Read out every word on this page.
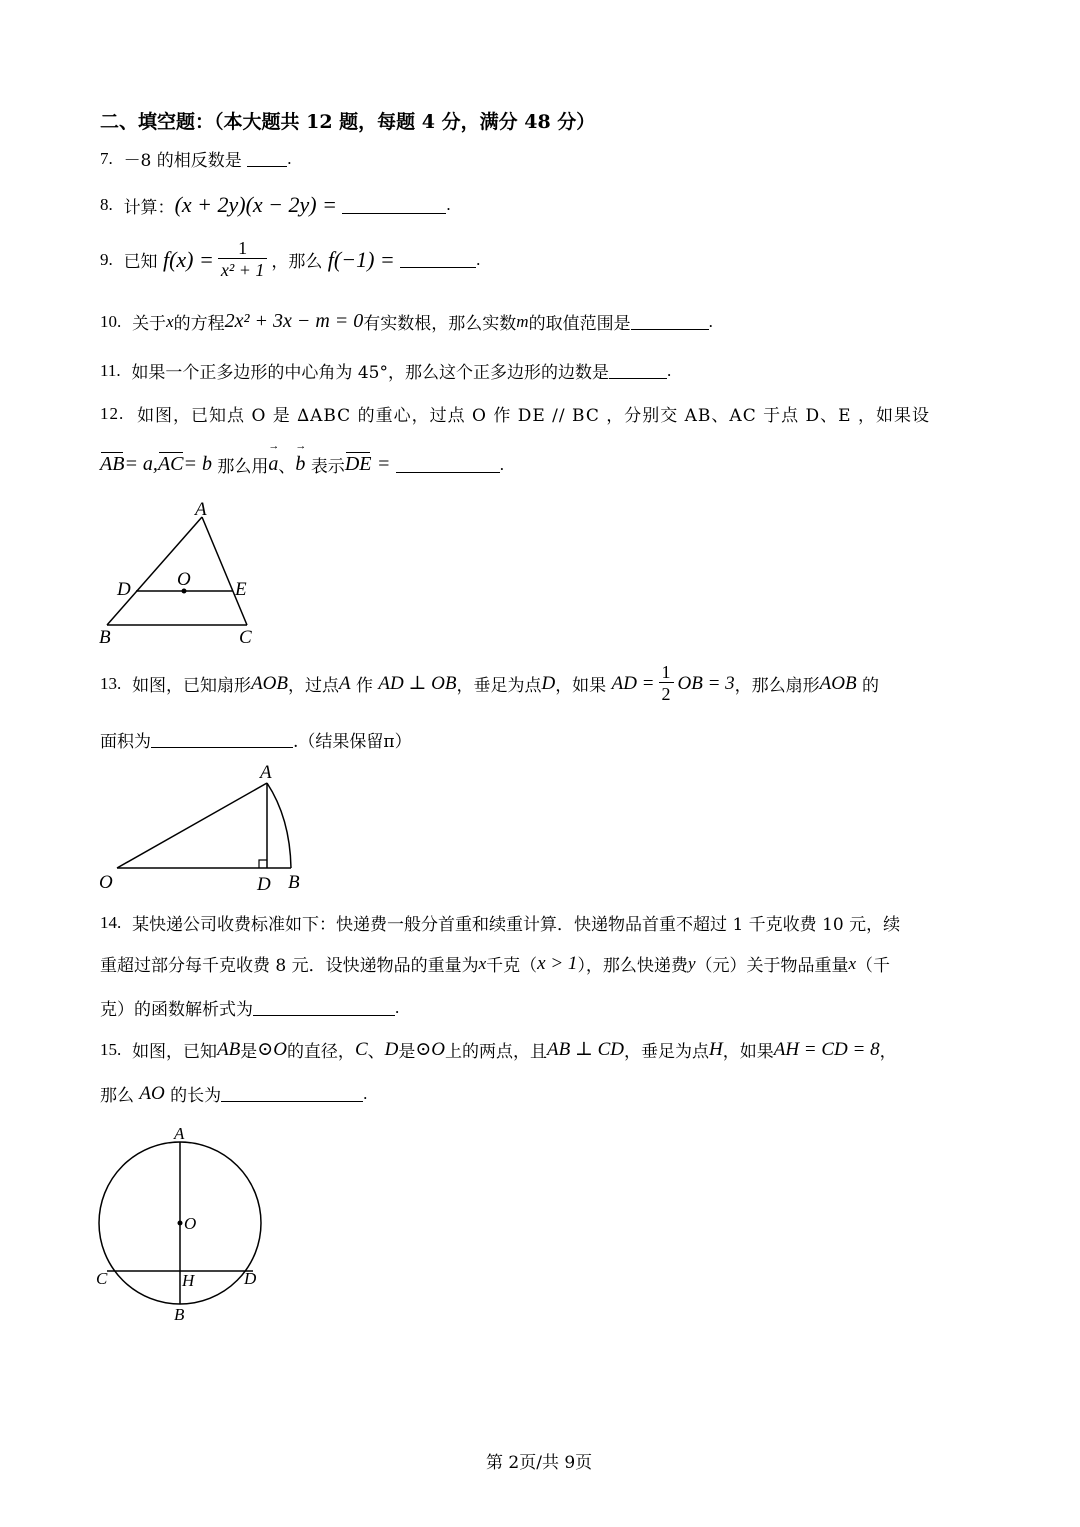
二、填空题：（本大题共 12 题，每题 4 分，满分 48 分）
7.
－8 的相反数是
	.
8.
计算： (x + 2y)(x − 2y) =
	.
9.
已知
$f(x) = \frac{1}{\text{x² + 1}}$ ，那么
f(−1) =
	.
10.
关于 x 的方程 2x² + 3x − m = 0 有实数根，那么实数 m 的取值范围是	.
11.
如果一个正多边形的中心角为 45°，那么这个正多边形的边数是	.
12.
如图，已知点 O 是 ∆ABC 的重心，过点 O 作 DE // BC ，分别交 AB、AC 于点 D、E ，如果设
AB = a, AC = b
那么用 → a 、 → b
表示 DE
=
	.
A
D O E
B	C
13.
如图，已知扇形 AOB ，过点 A
作
AD ⊥ OB ，垂足为点 D ，如果
AD = $\frac{1}{2}$ OB = 3 ，那么扇形 AOB
的
面积为	.（结果保留π）
A
O	D B
14.
某快递公司收费标准如下：快递费一般分首重和续重计算．快递物品首重不超过 1 千克收费 10 元，续
重超过部分每千克收费 8 元．设快递物品的重量为 x 千克（ x > 1 ），那么快递费 y （元）关于物品重量 x （千
克）的函数解析式为	.
15.
如图，已知 AB 是 ⊙O 的直径， C 、 D 是 ⊙O 上的两点，且 AB ⊥ CD ，垂足为点 H ，如果 AH = CD = 8 ，
那么
AO
的长为	.
A
O
C	H	D
B
第 2页/共 9页
